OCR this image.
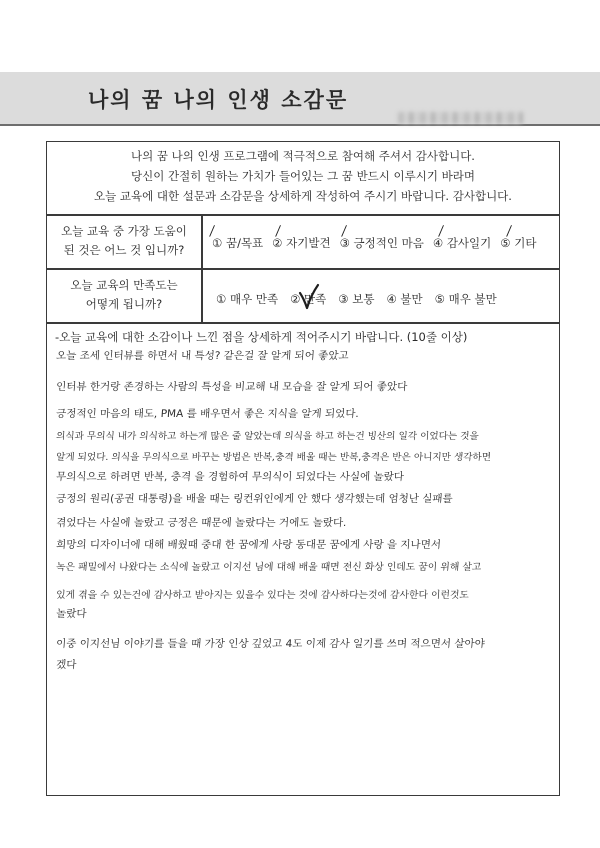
나의 꿈 나의 인생 소감문
나의 꿈 나의 인생 프로그램에 적극적으로 참여해 주셔서 감사합니다.
당신이 간절히 원하는 가치가 들어있는 그 꿈 반드시 이루시기 바라며
오늘 교육에 대한 설문과 소감문을 상세하게 작성하여 주시기 바랍니다. 감사합니다.
오늘 교육 중 가장 도움이
된 것은 어느 것 입니까?	① 꿈/목표 ② 자기발견 ③ 긍정적인 마음 ④ 감사일기 ⑤ 기타
⁄	⁄	⁄	⁄	⁄
오늘 교육의 만족도는
어떻게 됩니까?	① 매우 만족 ② 만족 ③ 보통 ④ 불만 ⑤ 매우 불만
-오늘 교육에 대한 소감이나 느낀 점을 상세하게 적어주시기 바랍니다. (10줄 이상)
오늘 조세 인터뷰를 하면서 내 특성? 같은걸 잘 알게 되어 좋았고
인터뷰 한거랑 존경하는 사람의 특성을 비교해 내 모습을 잘 알게 되어 좋았다
긍정적인 마음의 태도, PMA 를 배우면서 좋은 지식을 알게 되었다.
의식과 무의식 내가 의식하고 하는게 많은 줄 알았는데 의식을 하고 하는건 빙산의 일각 이었다는 것을
알게 되었다. 의식을 무의식으로 바꾸는 방법은 반복,충격 배울 때는 반복,충격은 반은 아니지만 생각하면
무의식으로 하려면 반복, 충격 을 경험하여 무의식이 되었다는 사실에 놀랐다
긍정의 원리(공권 대통령)을 배울 때는 링컨위인에게 안 했다 생각했는데 엄청난 실패를
겪었다는 사실에 놀랐고 긍정은 때문에 놀랐다는 거에도 놀랐다.
희망의 디자이너에 대해 배웠때 중대 한 꿈에게 사랑 동대문 꿈에게 사랑 을 지나면서
녹은 패밀에서 나왔다는 소식에 놀랐고 이지선 님에 대해 배울 때면 전신 화상 인데도 꿈이 위해 살고
있게 겪을 수 있는건에 감사하고 받아지는 있을수 있다는 것에 감사하다는것에 감사한다 이런것도
놀랐다
이중 이지선님 이야기를 들을 때 가장 인상 깊었고 4도 이제 감사 일기를 쓰며 적으면서 살아야
겠다
